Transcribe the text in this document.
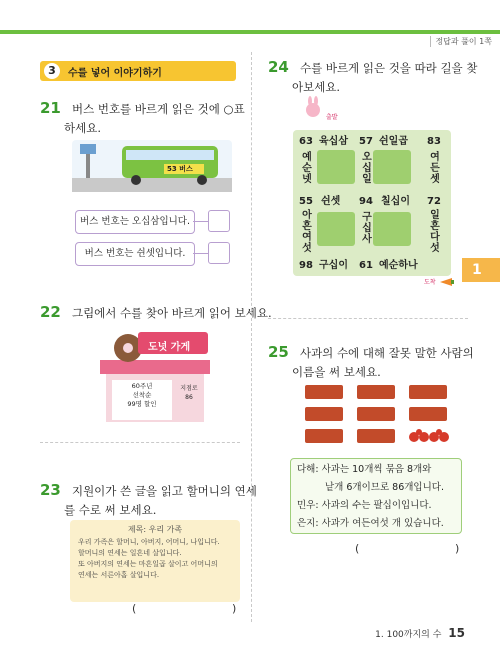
정답과 풀이 1쪽
3	수를 넣어 이야기하기
21 버스 번호를 바르게 읽은 것에 ○표
하세요.
53 버스
버스 번호는 오십삼입니다.
버스 번호는 쉰셋입니다.
22 그림에서 수를 찾아 바르게 읽어 보세요.
도넛 가게
60주년
선착순
99명 할인
지점로
86
23 지원이가 쓴 글을 읽고 할머니의 연세
를 수로 써 보세요.
제목: 우리 가족
우리 가족은 할머니, 아버지, 어머니, 나입니다.
할머니의 연세는 일흔네 살입니다.
또 아버지의 연세는 마흔일곱 살이고 어머니의
연세는 서른아홉 살입니다.
(	)
24 수를 바르게 읽은 것을 따라 길을 찾
아보세요.
출발
63 육십삼 57 쉰일곱 83
55 쉰셋 94 칠십이 72
98 구십이 61 예순하나
예순넷
오십일
여든셋
아흔여섯
구십사
일흔다섯
도착
1
25 사과의 수에 대해 잘못 말한 사람의
이름을 써 보세요.
다해: 사과는 10개씩 묶음 8개와
낱개 6개이므로 86개입니다.
민우: 사과의 수는 팔십이입니다.
은지: 사과가 여든여섯 개 있습니다.
(	)
1. 100까지의 수 15
